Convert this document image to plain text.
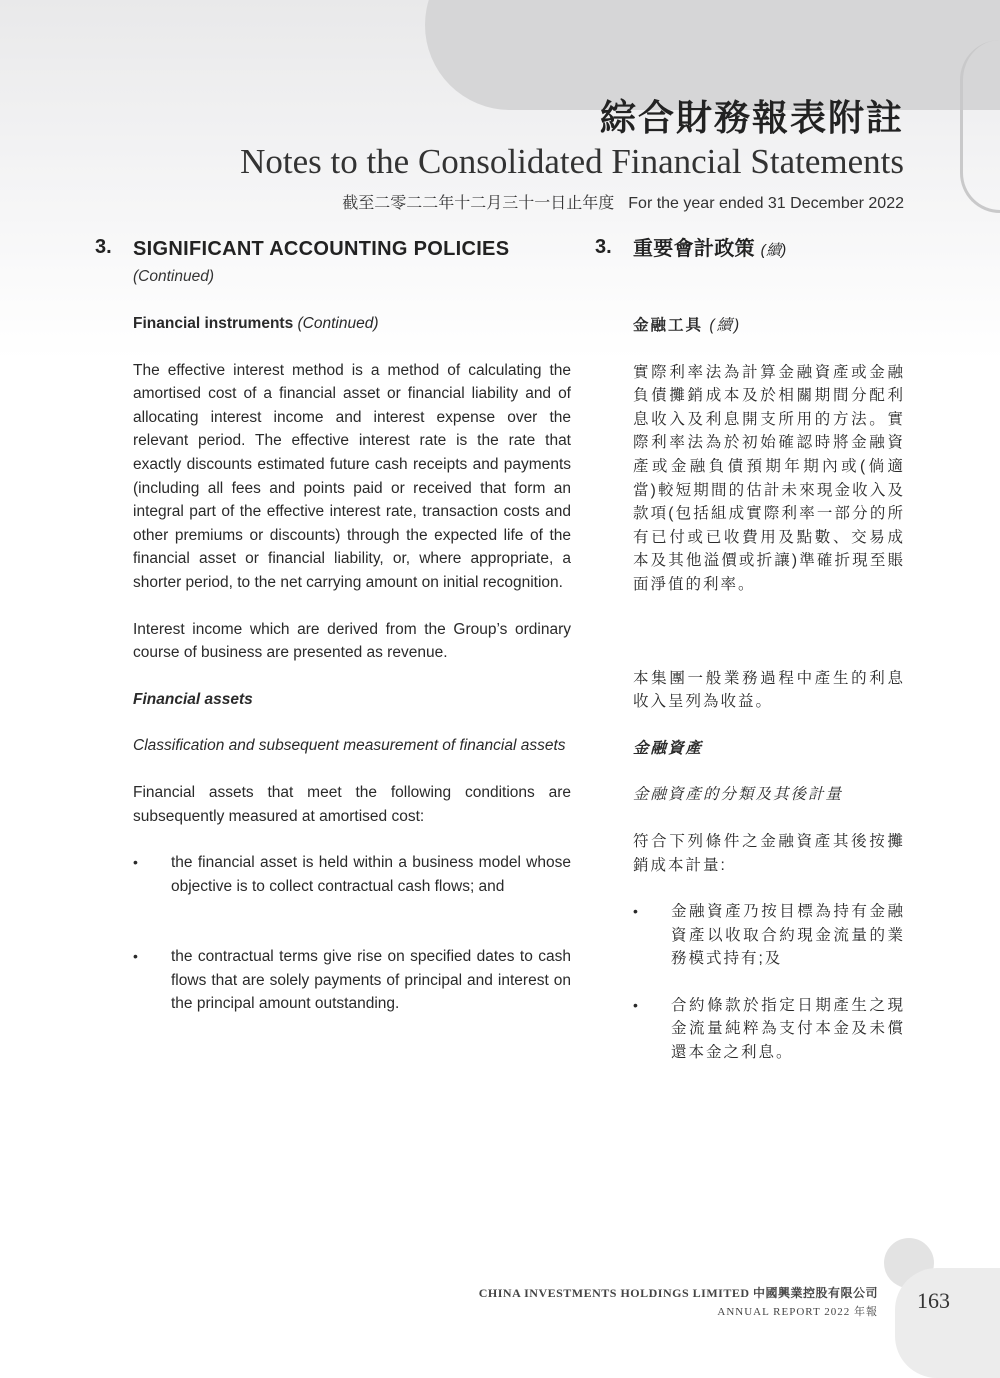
綜合財務報表附註
Notes to the Consolidated Financial Statements
截至二零二二年十二月三十一日止年度 For the year ended 31 December 2022
3.	3.
SIGNIFICANT ACCOUNTING POLICIES
(Continued)

Financial instruments (Continued)

The effective interest method is a method of calculating the amortised cost of a financial asset or financial liability and of allocating interest income and interest expense over the relevant period. The effective interest rate is the rate that exactly discounts estimated future cash receipts and payments (including all fees and points paid or received that form an integral part of the effective interest rate, transaction costs and other premiums or discounts) through the expected life of the financial asset or financial liability, or, where appropriate, a shorter period, to the net carrying amount on initial recognition.

Interest income which are derived from the Group’s ordinary course of business are presented as revenue.

Financial assets

Classification and subsequent measurement of financial assets

Financial assets that meet the following conditions are subsequently measured at amortised cost:

• the financial asset is held within a business model whose objective is to collect contractual cash flows; and
• the contractual terms give rise on specified dates to cash flows that are solely payments of principal and interest on the principal amount outstanding.
重要會計政策 (續)

金融工具 (續)

實際利率法為計算金融資產或金融負債攤銷成本及於相關期間分配利息收入及利息開支所用的方法。實際利率法為於初始確認時將金融資產或金融負債預期年期內或(倘適當)較短期間的估計未來現金收入及款項(包括組成實際利率一部分的所有已付或已收費用及點數、交易成本及其他溢價或折讓)準確折現至賬面淨值的利率。

本集團一般業務過程中產生的利息收入呈列為收益。

金融資產

金融資產的分類及其後計量

符合下列條件之金融資產其後按攤銷成本計量:

• 金融資產乃按目標為持有金融資產以收取合約現金流量的業務模式持有;及
• 合約條款於指定日期產生之現金流量純粹為支付本金及未償還本金之利息。
CHINA INVESTMENTS HOLDINGS LIMITED 中國興業控股有限公司
ANNUAL REPORT 2022 年報 163
